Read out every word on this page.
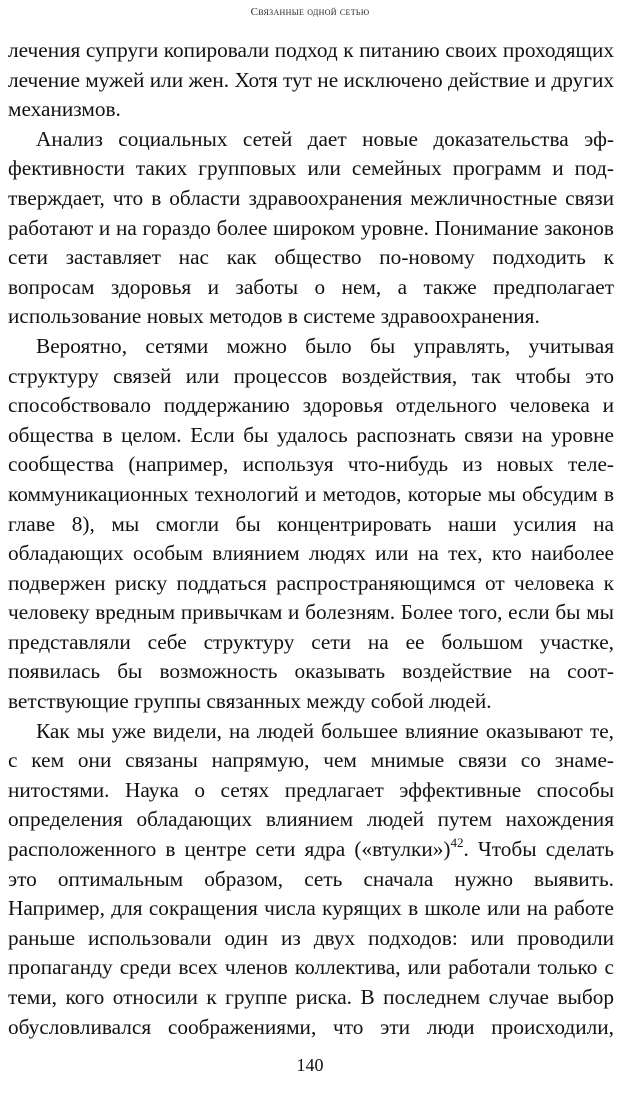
Связанные одной сетью

лечения супруги копировали подход к питанию своих проходящих
лечение мужей или жен. Хотя тут не исключено действие и других
механизмов.

Анализ социальных сетей дает новые доказательства эф-
фективности таких групповых или семейных программ и под-
тверждает, что в области здравоохранения межличностные связи
работают и на гораздо более широком уровне. Понимание законов
сети заставляет нас как общество по-новому подходить к
вопросам здоровья и заботы о нем, а также предполагает
использование новых методов в системе здравоохранения.

Вероятно, сетями можно было бы управлять, учитывая
структуру связей или процессов воздействия, так чтобы это
способствовало поддержанию здоровья отдельного человека и
общества в целом. Если бы удалось распознать связи на уровне
сообщества (например, используя что-нибудь из новых теле-
коммуникационных технологий и методов, которые мы обсудим в
главе 8), мы смогли бы концентрировать наши усилия на
обладающих особым влиянием людях или на тех, кто наиболее
подвержен риску поддаться распространяющимся от человека к
человеку вредным привычкам и болезням. Более того, если бы мы
представляли себе структуру сети на ее большом участке,
появилась бы возможность оказывать воздействие на соот-
ветствующие группы связанных между собой людей.

Как мы уже видели, на людей большее влияние оказывают те,
с кем они связаны напрямую, чем мнимые связи со знаме-
нитостями. Наука о сетях предлагает эффективные способы
определения обладающих влиянием людей путем нахождения
расположенного в центре сети ядра («втулки»)$^{42}$. Чтобы сделать
это оптимальным образом, сеть сначала нужно выявить.
Например, для сокращения числа курящих в школе или на работе
раньше использовали один из двух подходов: или проводили
пропаганду среди всех членов коллектива, или работали только с
теми, кого относили к группе риска. В последнем случае выбор
обусловливался соображениями, что эти люди происходили,

140
